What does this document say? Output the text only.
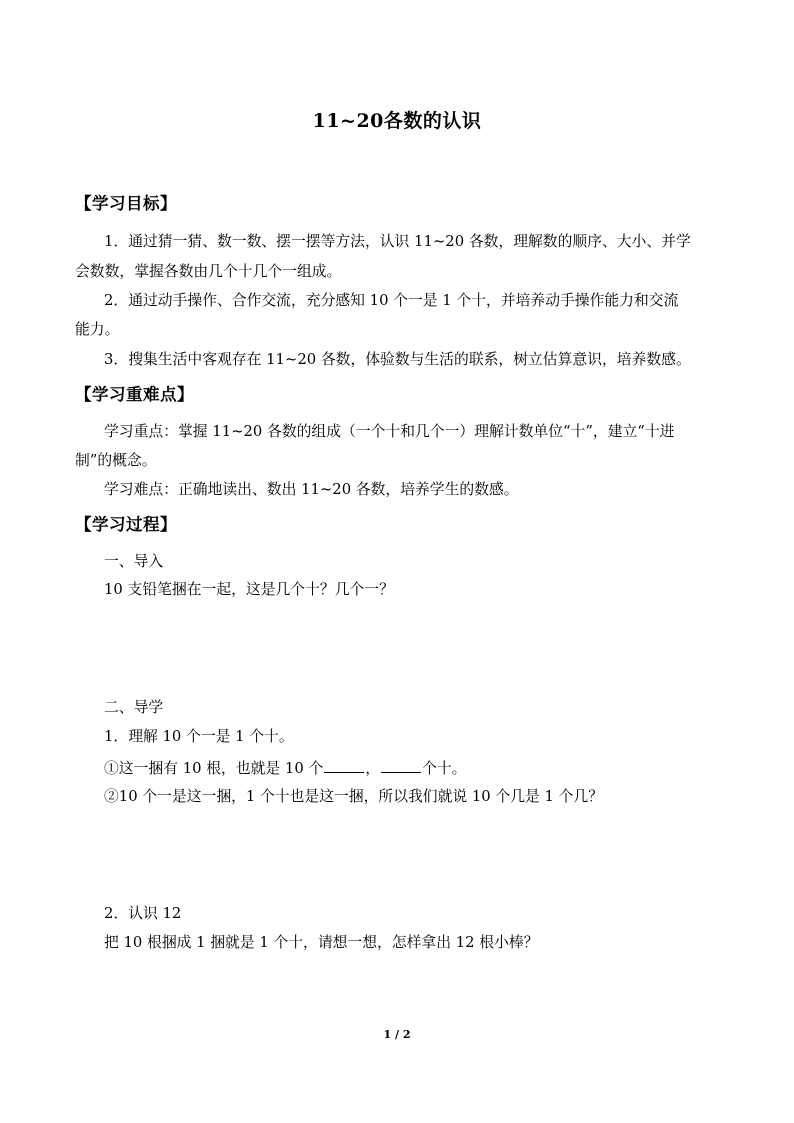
11~20各数的认识
【学习目标】
1．通过猜一猜、数一数、摆一摆等方法，认识 11~20 各数，理解数的顺序、大小、并学
会数数，掌握各数由几个十几个一组成。
2．通过动手操作、合作交流，充分感知 10 个一是 1 个十，并培养动手操作能力和交流
能力。
3．搜集生活中客观存在 11~20 各数，体验数与生活的联系，树立估算意识，培养数感。
【学习重难点】
学习重点：掌握 11~20 各数的组成（一个十和几个一）理解计数单位“十”，建立“十进
制”的概念。
学习难点：正确地读出、数出 11~20 各数，培养学生的数感。
【学习过程】
一、导入
10 支铅笔捆在一起，这是几个十？几个一？
二、导学
1．理解 10 个一是 1 个十。
①这一捆有 10 根，也就是 10 个	，	个十。
②10 个一是这一捆，1 个十也是这一捆，所以我们就说 10 个几是 1 个几？
2．认识 12
把 10 根捆成 1 捆就是 1 个十，请想一想，怎样拿出 12 根小棒？
1 / 2
